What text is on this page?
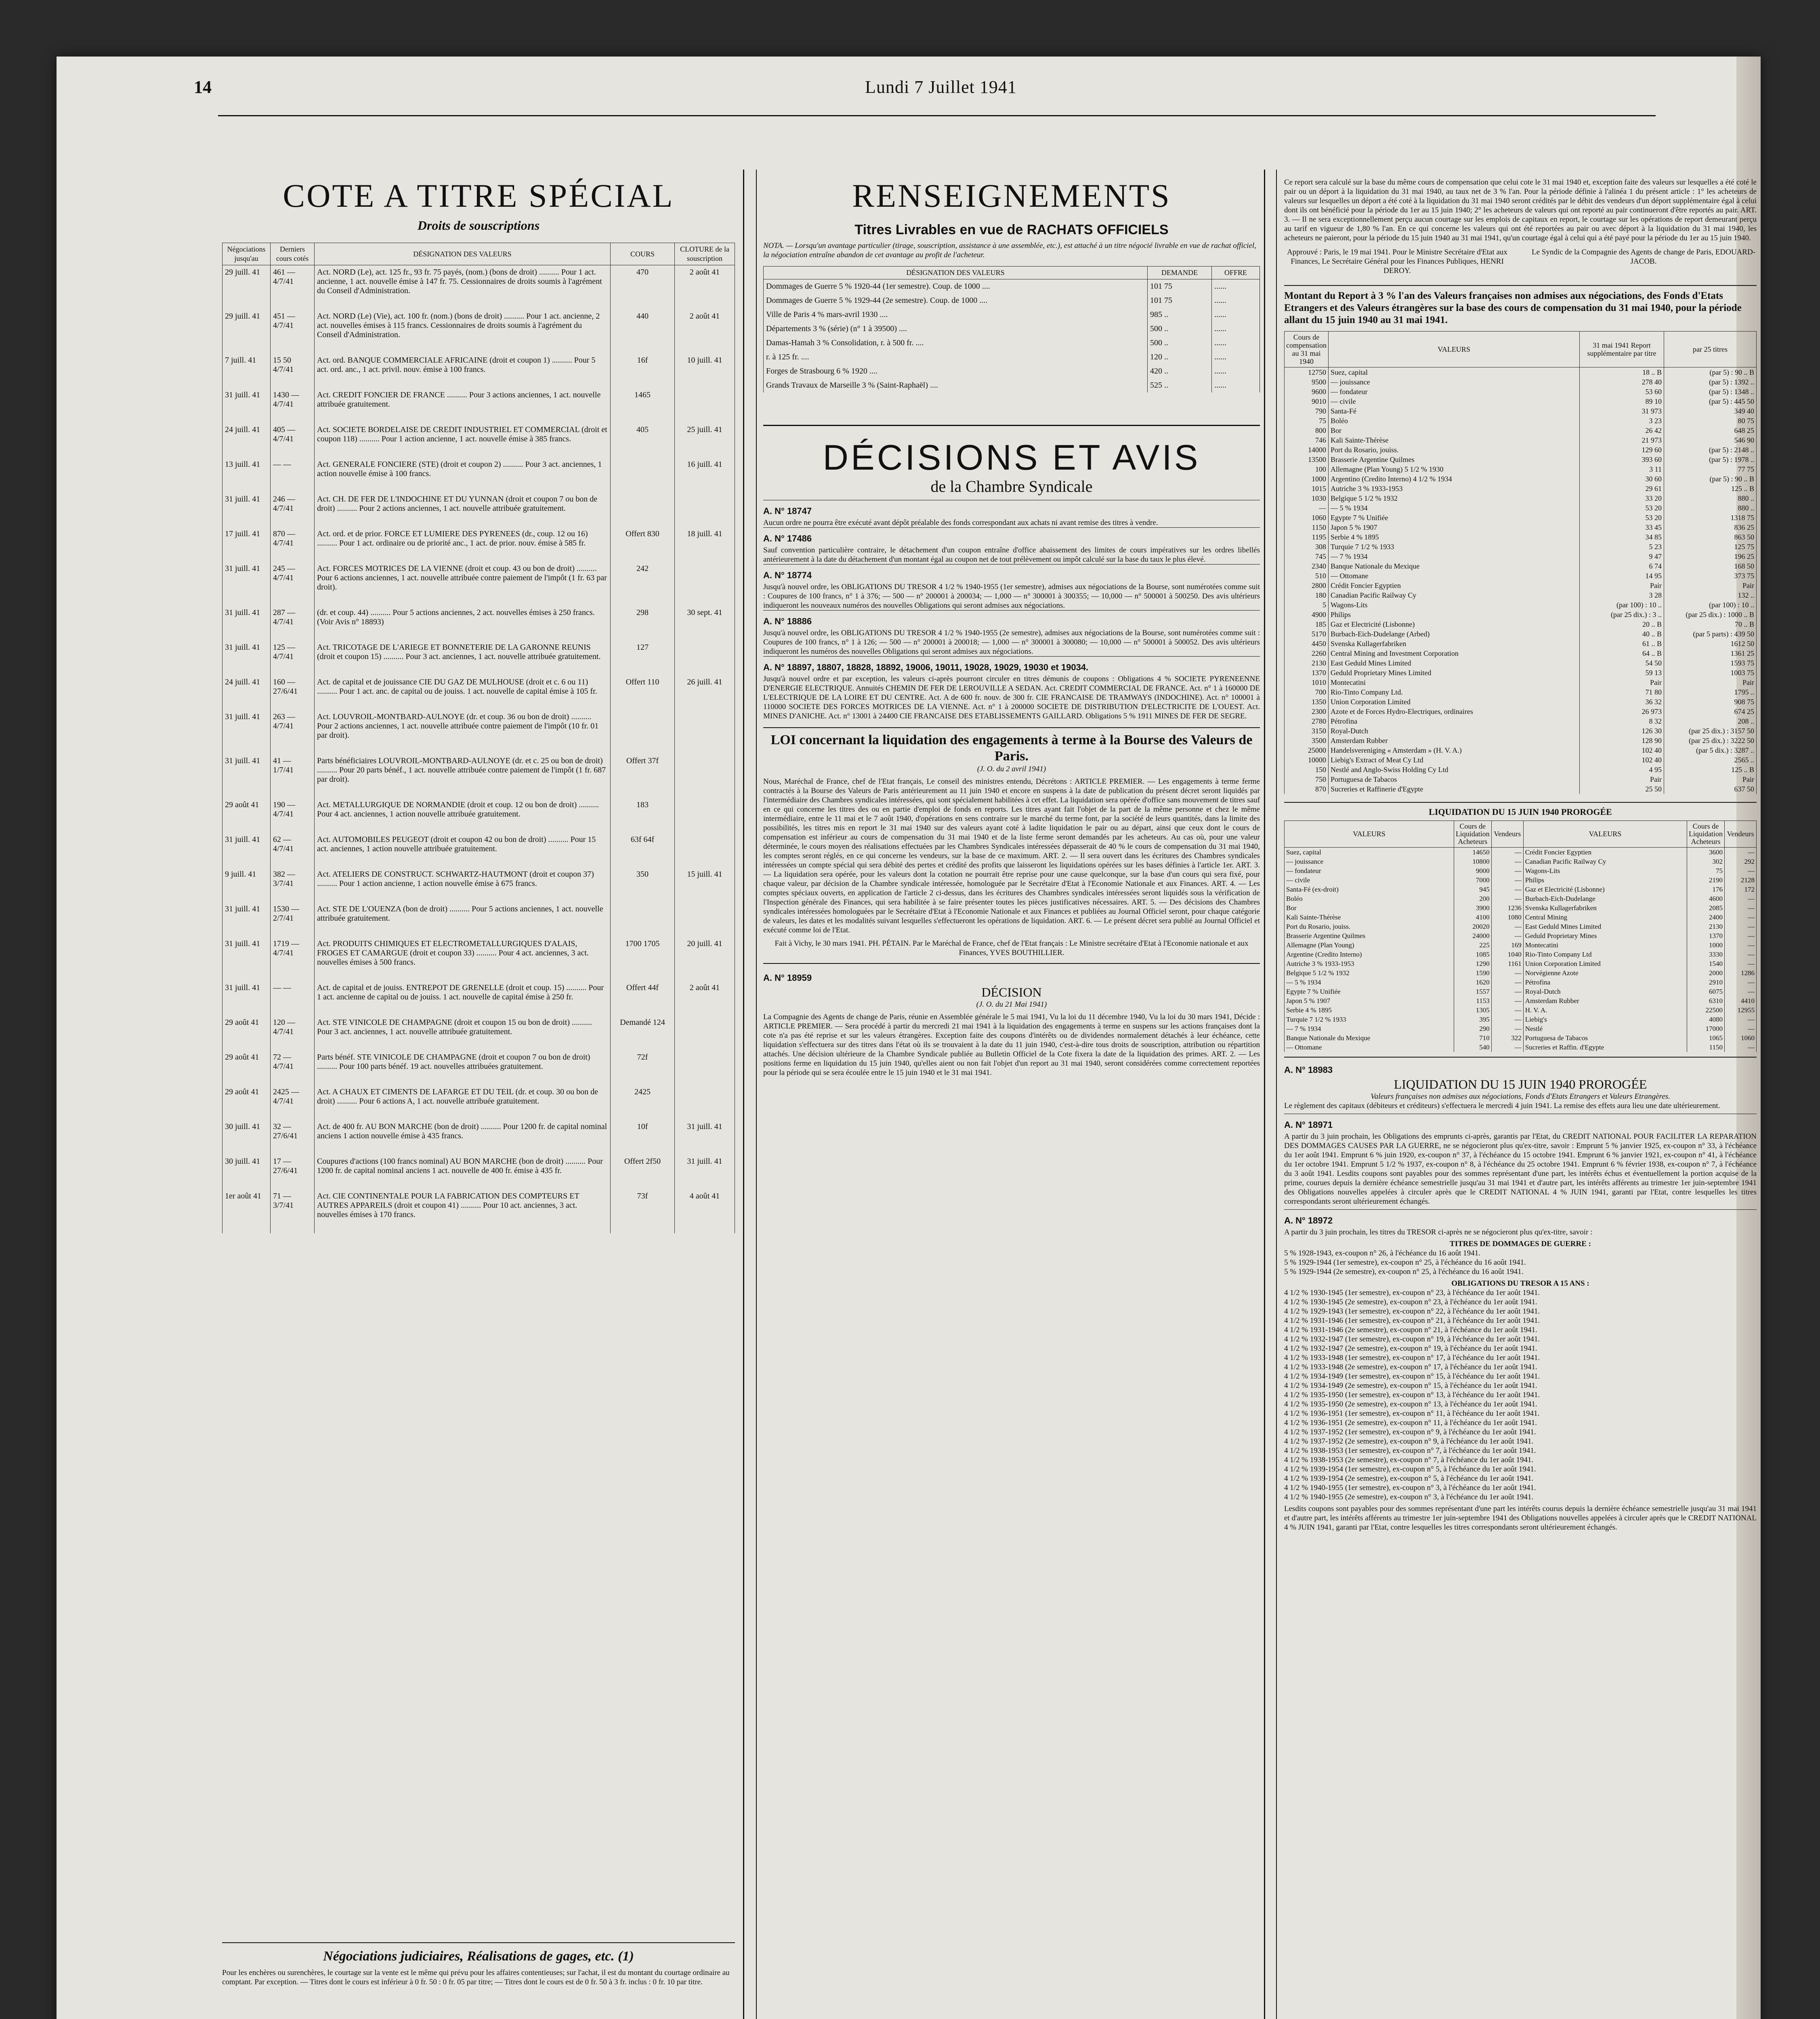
14	Lundi 7 Juillet 1941
COTE A TITRE SPÉCIAL
Droits de souscriptions
Négociations jusqu'au	Derniers cours cotés	DÉSIGNATION DES VALEURS	COURS	CLOTURE de la souscription
29 juill. 41	461 — 4/7/41	Act. NORD (Le), act. 125 fr., 93 fr. 75 payés, (nom.) (bons de droit) .......... Pour 1 act. ancienne, 1 act. nouvelle émise à 147 fr. 75. Cessionnaires de droits soumis à l'agrément du Conseil d'Administration.	470	2 août 41
29 juill. 41	451 — 4/7/41	Act. NORD (Le) (Vie), act. 100 fr. (nom.) (bons de droit) .......... Pour 1 act. ancienne, 2 act. nouvelles émises à 115 francs. Cessionnaires de droits soumis à l'agrément du Conseil d'Administration.	440	2 août 41
7 juill. 41	15 50 4/7/41	Act. ord. BANQUE COMMERCIALE AFRICAINE (droit et coupon 1) .......... Pour 5 act. ord. anc., 1 act. privil. nouv. émise à 100 francs.	16f	10 juill. 41
31 juill. 41	1430 — 4/7/41	Act. CREDIT FONCIER DE FRANCE .......... Pour 3 actions anciennes, 1 act. nouvelle attribuée gratuitement.	1465	
24 juill. 41	405 — 4/7/41	Act. SOCIETE BORDELAISE DE CREDIT INDUSTRIEL ET COMMERCIAL (droit et coupon 118) .......... Pour 1 action ancienne, 1 act. nouvelle émise à 385 francs.	405	25 juill. 41
13 juill. 41	— —	Act. GENERALE FONCIERE (STE) (droit et coupon 2) .......... Pour 3 act. anciennes, 1 action nouvelle émise à 100 francs.		16 juill. 41
31 juill. 41	246 — 4/7/41	Act. CH. DE FER DE L'INDOCHINE ET DU YUNNAN (droit et coupon 7 ou bon de droit) .......... Pour 2 actions anciennes, 1 act. nouvelle attribuée gratuitement.		
17 juill. 41	870 — 4/7/41	Act. ord. et de prior. FORCE ET LUMIERE DES PYRENEES (dr., coup. 12 ou 16) .......... Pour 1 act. ordinaire ou de priorité anc., 1 act. de prior. nouv. émise à 585 fr.	Offert 830	18 juill. 41
31 juill. 41	245 — 4/7/41	Act. FORCES MOTRICES DE LA VIENNE (droit et coup. 43 ou bon de droit) .......... Pour 6 actions anciennes, 1 act. nouvelle attribuée contre paiement de l'impôt (1 fr. 63 par droit).	242	
31 juill. 41	287 — 4/7/41	(dr. et coup. 44) .......... Pour 5 actions anciennes, 2 act. nouvelles émises à 250 francs. (Voir Avis n° 18893)	298	30 sept. 41
31 juill. 41	125 — 4/7/41	Act. TRICOTAGE DE L'ARIEGE ET BONNETERIE DE LA GARONNE REUNIS (droit et coupon 15) .......... Pour 3 act. anciennes, 1 act. nouvelle attribuée gratuitement.	127	
24 juill. 41	160 — 27/6/41	Act. de capital et de jouissance CIE DU GAZ DE MULHOUSE (droit et c. 6 ou 11) .......... Pour 1 act. anc. de capital ou de jouiss. 1 act. nouvelle de capital émise à 105 fr.	Offert 110	26 juill. 41
31 juill. 41	263 — 4/7/41	Act. LOUVROIL-MONTBARD-AULNOYE (dr. et coup. 36 ou bon de droit) .......... Pour 2 actions anciennes, 1 act. nouvelle attribuée contre paiement de l'impôt (10 fr. 01 par droit).		
31 juill. 41	41 — 1/7/41	Parts bénéficiaires LOUVROIL-MONTBARD-AULNOYE (dr. et c. 25 ou bon de droit) .......... Pour 20 parts bénéf., 1 act. nouvelle attribuée contre paiement de l'impôt (1 fr. 687 par droit).	Offert 37f	
29 août 41	190 — 4/7/41	Act. METALLURGIQUE DE NORMANDIE (droit et coup. 12 ou bon de droit) .......... Pour 4 act. anciennes, 1 action nouvelle attribuée gratuitement.	183	
31 juill. 41	62 — 4/7/41	Act. AUTOMOBILES PEUGEOT (droit et coupon 42 ou bon de droit) .......... Pour 15 act. anciennes, 1 action nouvelle attribuée gratuitement.	63f 64f	
9 juill. 41	382 — 3/7/41	Act. ATELIERS DE CONSTRUCT. SCHWARTZ-HAUTMONT (droit et coupon 37) .......... Pour 1 action ancienne, 1 action nouvelle émise à 675 francs.	350	15 juill. 41
31 juill. 41	1530 — 2/7/41	Act. STE DE L'OUENZA (bon de droit) .......... Pour 5 actions anciennes, 1 act. nouvelle attribuée gratuitement.		
31 juill. 41	1719 — 4/7/41	Act. PRODUITS CHIMIQUES ET ELECTROMETALLURGIQUES D'ALAIS, FROGES ET CAMARGUE (droit et coupon 33) .......... Pour 4 act. anciennes, 3 act. nouvelles émises à 500 francs.	1700 1705	20 juill. 41
31 juill. 41	— —	Act. de capital et de jouiss. ENTREPOT DE GRENELLE (droit et coup. 15) .......... Pour 1 act. ancienne de capital ou de jouiss. 1 act. nouvelle de capital émise à 250 fr.	Offert 44f	2 août 41
29 août 41	120 — 4/7/41	Act. STE VINICOLE DE CHAMPAGNE (droit et coupon 15 ou bon de droit) .......... Pour 3 act. anciennes, 1 act. nouvelle attribuée gratuitement.	Demandé 124	
29 août 41	72 — 4/7/41	Parts bénéf. STE VINICOLE DE CHAMPAGNE (droit et coupon 7 ou bon de droit) .......... Pour 100 parts bénéf. 19 act. nouvelles attribuées gratuitement.	72f	
29 août 41	2425 — 4/7/41	Act. A CHAUX ET CIMENTS DE LAFARGE ET DU TEIL (dr. et coup. 30 ou bon de droit) .......... Pour 6 actions A, 1 act. nouvelle attribuée gratuitement.	2425	
30 juill. 41	32 — 27/6/41	Act. de 400 fr. AU BON MARCHE (bon de droit) .......... Pour 1200 fr. de capital nominal anciens 1 action nouvelle émise à 435 francs.	10f	31 juill. 41
30 juill. 41	17 — 27/6/41	Coupures d'actions (100 francs nominal) AU BON MARCHE (bon de droit) .......... Pour 1200 fr. de capital nominal anciens 1 act. nouvelle de 400 fr. émise à 435 fr.	Offert 2f50	31 juill. 41
1er août 41	71 — 3/7/41	Act. CIE CONTINENTALE POUR LA FABRICATION DES COMPTEURS ET AUTRES APPAREILS (droit et coupon 41) .......... Pour 10 act. anciennes, 3 act. nouvelles émises à 170 francs.	73f	4 août 41

Négociations judiciaires, Réalisations de gages, etc. (1)

Pour les enchères ou surenchères, le courtage sur la vente est le même qui prévu pour les affaires contentieuses; sur l'achat, il est du montant du courtage ordinaire au comptant. Par exception. — Titres dont le cours est inférieur à 0 fr. 50 : 0 fr. 05 par titre; — Titres dont le cours est de 0 fr. 50 à 3 fr. inclus : 0 fr. 10 par titre.

RENSEIGNEMENTS

Titres Livrables en vue de RACHATS OFFICIELS

NOTA. — Lorsqu'un avantage particulier (tirage, souscription, assistance à une assemblée, etc.), est attaché à un titre négocié livrable en vue de rachat officiel, la négociation entraîne abandon de cet avantage au profit de l'acheteur.

DÉSIGNATION DES VALEURS	DEMANDE	OFFRE
Dommages de Guerre 5 % 1920-44 (1er semestre). Coup. de 1000 ....	101 75	......
Dommages de Guerre 5 % 1929-44 (2e semestre). Coup. de 1000 ....	101 75	......
Ville de Paris 4 % mars-avril 1930 ....	985 ..	......
Départements 3 % (série) (n° 1 à 39500) ....	500 ..	......
Damas-Hamah 3 % Consolidation, r. à 500 fr. ....	500 ..	......
r. à 125 fr. ....	120 ..	......
Forges de Strasbourg 6 % 1920 ....	420 ..	......
Grands Travaux de Marseille 3 % (Saint-Raphaël) ....	525 ..	......
DÉCISIONS ET AVIS

de la Chambre Syndicale

A. N° 18747

Aucun ordre ne pourra être exécuté avant dépôt préalable des fonds correspondant aux achats ni avant remise des titres à vendre.

A. N° 17486

Sauf convention particulière contraire, le détachement d'un coupon entraîne d'office abaissement des limites de cours impératives sur les ordres libellés antérieurement à la date du détachement d'un montant égal au coupon net de tout prélèvement ou impôt calculé sur la base du taux le plus élevé.

A. N° 18774

Jusqu'à nouvel ordre, les OBLIGATIONS DU TRESOR 4 1/2 % 1940-1955 (1er semestre), admises aux négociations de la Bourse, sont numérotées comme suit : Coupures de 100 francs, n° 1 à 376; — 500 — n° 200001 à 200034; — 1,000 — n° 300001 à 300355; — 10,000 — n° 500001 à 500250. Des avis ultérieurs indiqueront les nouveaux numéros des nouvelles Obligations qui seront admises aux négociations.

A. N° 18886

Jusqu'à nouvel ordre, les OBLIGATIONS DU TRESOR 4 1/2 % 1940-1955 (2e semestre), admises aux négociations de la Bourse, sont numérotées comme suit : Coupures de 100 francs, n° 1 à 126; — 500 — n° 200001 à 200018; — 1,000 — n° 300001 à 300080; — 10,000 — n° 500001 à 500052. Des avis ultérieurs indiqueront les numéros des nouvelles Obligations qui seront admises aux négociations.

A. N° 18897, 18807, 18828, 18892, 19006, 19011, 19028, 19029, 19030 et 19034.

Jusqu'à nouvel ordre et par exception, les valeurs ci-après pourront circuler en titres démunis de coupons : Obligations 4 % SOCIETE PYRENEENNE D'ENERGIE ELECTRIQUE. Annuités CHEMIN DE FER DE LEROUVILLE A SEDAN. Act. CREDIT COMMERCIAL DE FRANCE. Act. n° 1 à 160000 DE L'ELECTRIQUE DE LA LOIRE ET DU CENTRE. Act. A de 600 fr. nouv. de 300 fr. CIE FRANCAISE DE TRAMWAYS (INDOCHINE). Act. n° 100001 à 110000 SOCIETE DES FORCES MOTRICES DE LA VIENNE. Act. n° 1 à 200000 SOCIETE DE DISTRIBUTION D'ELECTRICITE DE L'OUEST. Act. MINES D'ANICHE. Act. n° 13001 à 24400 CIE FRANCAISE DES ETABLISSEMENTS GAILLARD. Obligations 5 % 1911 MINES DE FER DE SEGRE.

LOI concernant la liquidation des engagements à terme à la Bourse des Valeurs de Paris.

(J. O. du 2 avril 1941)

Nous, Maréchal de France, chef de l'Etat français, Le conseil des ministres entendu, Décrétons : ARTICLE PREMIER. — Les engagements à terme ferme contractés à la Bourse des Valeurs de Paris antérieurement au 11 juin 1940 et encore en suspens à la date de publication du présent décret seront liquidés par l'intermédiaire des Chambres syndicales intéressées, qui sont spécialement habilitées à cet effet. La liquidation sera opérée d'office sans mouvement de titres sauf en ce qui concerne les titres des ou en partie d'emploi de fonds en reports. Les titres ayant fait l'objet de la part de la même personne et chez le même intermédiaire, entre le 11 mai et le 7 août 1940, d'opérations en sens contraire sur le marché du terme font, par la société de leurs quantités, dans la limite des possibilités, les titres mis en report le 31 mai 1940 sur des valeurs ayant coté à ladite liquidation le pair ou au départ, ainsi que ceux dont le cours de compensation est inférieur au cours de compensation du 31 mai 1940 et de la liste ferme seront demandés par les acheteurs. Au cas où, pour une valeur déterminée, le cours moyen des réalisations effectuées par les Chambres Syndicales intéressées dépasserait de 40 % le cours de compensation du 31 mai 1940, les comptes seront réglés, en ce qui concerne les vendeurs, sur la base de ce maximum. ART. 2. — Il sera ouvert dans les écritures des Chambres syndicales intéressées un compte spécial qui sera débité des pertes et crédité des profits que laisseront les liquidations opérées sur les bases définies à l'article 1er. ART. 3. — La liquidation sera opérée, pour les valeurs dont la cotation ne pourrait être reprise pour une cause quelconque, sur la base d'un cours qui sera fixé, pour chaque valeur, par décision de la Chambre syndicale intéressée, homologuée par le Secrétaire d'Etat à l'Economie Nationale et aux Finances. ART. 4. — Les comptes spéciaux ouverts, en application de l'article 2 ci-dessus, dans les écritures des Chambres syndicales intéressées seront liquidés sous la vérification de l'Inspection générale des Finances, qui sera habilitée à se faire présenter toutes les pièces justificatives nécessaires. ART. 5. — Des décisions des Chambres syndicales intéressées homologuées par le Secrétaire d'Etat à l'Economie Nationale et aux Finances et publiées au Journal Officiel seront, pour chaque catégorie de valeurs, les dates et les modalités suivant lesquelles s'effectueront les opérations de liquidation. ART. 6. — Le présent décret sera publié au Journal Officiel et exécuté comme loi de l'Etat.

Fait à Vichy, le 30 mars 1941. PH. PÉTAIN. Par le Maréchal de France, chef de l'Etat français : Le Ministre secrétaire d'Etat à l'Economie nationale et aux Finances, YVES BOUTHILLIER.

A. N° 18959

DÉCISION

(J. O. du 21 Mai 1941)

La Compagnie des Agents de change de Paris, réunie en Assemblée générale le 5 mai 1941, Vu la loi du 11 décembre 1940, Vu la loi du 30 mars 1941, Décide : ARTICLE PREMIER. — Sera procédé à partir du mercredi 21 mai 1941 à la liquidation des engagements à terme en suspens sur les actions françaises dont la cote n'a pas été reprise et sur les valeurs étrangères. Exception faite des coupons d'intérêts ou de dividendes normalement détachés à leur échéance, cette liquidation s'effectuera sur des titres dans l'état où ils se trouvaient à la date du 11 juin 1940, c'est-à-dire tous droits de souscription, attribution ou répartition attachés. Une décision ultérieure de la Chambre Syndicale publiée au Bulletin Officiel de la Cote fixera la date de la liquidation des primes. ART. 2. — Les positions ferme en liquidation du 15 juin 1940, qu'elles aient ou non fait l'objet d'un report au 31 mai 1940, seront considérées comme correctement reportées pour la période qui se sera écoulée entre le 15 juin 1940 et le 31 mai 1941.

Ce report sera calculé sur la base du même cours de compensation que celui cote le 31 mai 1940 et, exception faite des valeurs sur lesquelles a été coté le pair ou un déport à la liquidation du 31 mai 1940, au taux net de 3 % l'an. Pour la période définie à l'alinéa 1 du présent article : 1° les acheteurs de valeurs sur lesquelles un déport a été coté à la liquidation du 31 mai 1940 seront crédités par le débit des vendeurs d'un déport supplémentaire égal à celui dont ils ont bénéficié pour la période du 1er au 15 juin 1940; 2° les acheteurs de valeurs qui ont reporté au pair continueront d'être reportés au pair. ART. 3. — Il ne sera exceptionnellement perçu aucun courtage sur les emplois de capitaux en report, le courtage sur les opérations de report demeurant perçu au tarif en vigueur de 1,80 % l'an. En ce qui concerne les valeurs qui ont été reportées au pair ou avec déport à la liquidation du 31 mai 1940, les acheteurs ne paieront, pour la période du 15 juin 1940 au 31 mai 1941, qu'un courtage égal à celui qui a été payé pour la période du 1er au 15 juin 1940.

Approuvé : Paris, le 19 mai 1941. Pour le Ministre Secrétaire d'Etat aux Finances, Le Secrétaire Général pour les Finances Publiques, HENRI DEROY.

Le Syndic de la Compagnie des Agents de change de Paris, EDOUARD-JACOB.

Montant du Report à 3 % l'an des Valeurs françaises non admises aux négociations, des Fonds d'Etats Etrangers et des Valeurs étrangères sur la base des cours de compensation du 31 mai 1940, pour la période allant du 15 juin 1940 au 31 mai 1941.

Cours de compensation au 31 mai 1940	VALEURS	31 mai 1941 Report supplémentaire par titre	par 25 titres
12750	Suez, capital	18 .. B	(par 5) : 90 .. B
9500	— jouissance	278 40	(par 5) : 1392 ..
9600	— fondateur	53 60	(par 5) : 1348 ..
9010	— civile	89 10	(par 5) : 445 50
790	Santa-Fé	31 973	349 40
75	Boléo	3 23	80 75
800	Bor	26 42	648 25
746	Kali Sainte-Thérèse	21 973	546 90
14000	Port du Rosario, jouiss.	129 60	(par 5) : 2148 ..
13500	Brasserie Argentine Quilmes	393 60	(par 5) : 1978 ..
100	Allemagne (Plan Young) 5 1/2 % 1930	3 11	77 75
1000	Argentino (Credito Interno) 4 1/2 % 1934	30 60	(par 5) : 90 .. B
1015	Autriche 3 % 1933-1953	29 61	125 .. B
1030	Belgique 5 1/2 % 1932	33 20	880 ..
—	— 5 % 1934	53 20	880 ..
1060	Egypte 7 % Unifiée	53 20	1318 75
1150	Japon 5 % 1907	33 45	836 25
1195	Serbie 4 % 1895	34 85	863 50
308	Turquie 7 1/2 % 1933	5 23	125 75
745	— 7 % 1934	9 47	196 25
2340	Banque Nationale du Mexique	6 74	168 50
510	— Ottomane	14 95	373 75
2800	Crédit Foncier Egyptien	Pair	Pair
180	Canadian Pacific Railway Cy	3 28	132 ..
5	Wagons-Lits	(par 100) : 10 ..	(par 100) : 10 ..
4900	Philips	(par 25 dix.) : 3 ..	(par 25 dix.) : 1000 .. B
185	Gaz et Electricité (Lisbonne)	20 .. B	70 .. B
5170	Burbach-Eich-Dudelange (Arbed)	40 .. B	(par 5 parts) : 439 50
4450	Svenska Kullagerfabriken	61 .. B	1612 50
2260	Central Mining and Investment Corporation	64 .. B	1361 25
2130	East Geduld Mines Limited	54 50	1593 75
1370	Geduld Proprietary Mines Limited	59 13	1003 75
1010	Montecatini	Pair	Pair
700	Rio-Tinto Company Ltd.	71 80	1795 ..
1350	Union Corporation Limited	36 32	908 75
2300	Azote et de Forces Hydro-Electriques, ordinaires	26 973	674 25
2780	Pétrofina	8 32	208 ..
3150	Royal-Dutch	126 30	(par 25 dix.) : 3157 50
3500	Amsterdam Rubber	128 90	(par 25 dix.) : 3222 50
25000	Handelsvereniging « Amsterdam » (H. V. A.)	102 40	(par 5 dix.) : 3287 ..
10000	Liebig's Extract of Meat Cy Ltd	102 40	2565 ..
150	Nestlé and Anglo-Swiss Holding Cy Ltd	4 95	125 .. B
750	Portuguesa de Tabacos	Pair	Pair
870	Sucreries et Raffinerie d'Egypte	25 50	637 50

LIQUIDATION DU 15 JUIN 1940 PROROGÉE

VALEURS	Cours de Liquidation Acheteurs	Vendeurs	VALEURS	Cours de Liquidation Acheteurs	Vendeurs
Suez, capital	14650	—	Crédit Foncier Egyptien	3600	—
— jouissance	10800	—	Canadian Pacific Railway Cy	302	292
— fondateur	9000	—	Wagons-Lits	75	—
— civile	7000	—	Philips	2190	2128
Santa-Fé (ex-droit)	945	—	Gaz et Electricité (Lisbonne)	176	172
Boléo	200	—	Burbach-Eich-Dudelange	4600	—
Bor	3900	1236	Svenska Kullagerfabriken	2085	—
Kali Sainte-Thérèse	4100	1080	Central Mining	2400	—
Port du Rosario, jouiss.	20020	—	East Geduld Mines Limited	2130	—
Brasserie Argentine Quilmes	24000	—	Geduld Proprietary Mines	1370	—
Allemagne (Plan Young)	225	169	Montecatini	1000	—
Argentine (Credito Interno)	1085	1040	Rio-Tinto Company Ltd	3330	—
Autriche 3 % 1933-1953	1290	1161	Union Corporation Limited	1540	—
Belgique 5 1/2 % 1932	1590	—	Norvégienne Azote	2000	1286
— 5 % 1934	1620	—	Pétrofina	2910	—
Egypte 7 % Unifiée	1557	—	Royal-Dutch	6075	—
Japon 5 % 1907	1153	—	Amsterdam Rubber	6310	4410
Serbie 4 % 1895	1305	—	H. V. A.	22500	12955
Turquie 7 1/2 % 1933	395	—	Liebig's	4080	—
— 7 % 1934	290	—	Nestlé	17000	—
Banque Nationale du Mexique	710	322	Portuguesa de Tabacos	1065	1060
— Ottomane	540	—	Sucreries et Raffin. d'Egypte	1150	—

A. N° 18983

LIQUIDATION DU 15 JUIN 1940 PROROGÉE

Valeurs françaises non admises aux négociations, Fonds d'Etats Etrangers et Valeurs Etrangères.

Le règlement des capitaux (débiteurs et créditeurs) s'effectuera le mercredi 4 juin 1941. La remise des effets aura lieu une date ultérieurement.

A. N° 18971

A partir du 3 juin prochain, les Obligations des emprunts ci-après, garantis par l'Etat, du CREDIT NATIONAL POUR FACILITER LA REPARATION DES DOMMAGES CAUSES PAR LA GUERRE, ne se négocieront plus qu'ex-titre, savoir : Emprunt 5 % janvier 1925, ex-coupon n° 33, à l'échéance du 1er août 1941. Emprunt 6 % juin 1920, ex-coupon n° 37, à l'échéance du 15 octobre 1941. Emprunt 6 % janvier 1921, ex-coupon n° 41, à l'échéance du 1er octobre 1941. Emprunt 5 1/2 % 1937, ex-coupon n° 8, à l'échéance du 25 octobre 1941. Emprunt 6 % février 1938, ex-coupon n° 7, à l'échéance du 3 août 1941. Lesdits coupons sont payables pour des sommes représentant d'une part, les intérêts échus et éventuellement la portion acquise de la prime, courues depuis la dernière échéance semestrielle jusqu'au 31 mai 1941 et d'autre part, les intérêts afférents au trimestre 1er juin-septembre 1941 des Obligations nouvelles appelées à circuler après que le CREDIT NATIONAL 4 % JUIN 1941, garanti par l'Etat, contre lesquelles les titres correspondants seront ultérieurement échangés.

A. N° 18972

A partir du 3 juin prochain, les titres du TRESOR ci-après ne se négocieront plus qu'ex-titre, savoir :

TITRES DE DOMMAGES DE GUERRE :

5 % 1928-1943, ex-coupon n° 26, à l'échéance du 16 août 1941.

5 % 1929-1944 (1er semestre), ex-coupon n° 25, à l'échéance du 16 août 1941.

5 % 1929-1944 (2e semestre), ex-coupon n° 25, à l'échéance du 16 août 1941.

OBLIGATIONS DU TRESOR A 15 ANS :

4 1/2 % 1930-1945 (1er semestre), ex-coupon n° 23, à l'échéance du 1er août 1941.

4 1/2 % 1930-1945 (2e semestre), ex-coupon n° 23, à l'échéance du 1er août 1941.

4 1/2 % 1929-1943 (1er semestre), ex-coupon n° 22, à l'échéance du 1er août 1941.

4 1/2 % 1931-1946 (1er semestre), ex-coupon n° 21, à l'échéance du 1er août 1941.

4 1/2 % 1931-1946 (2e semestre), ex-coupon n° 21, à l'échéance du 1er août 1941.

4 1/2 % 1932-1947 (1er semestre), ex-coupon n° 19, à l'échéance du 1er août 1941.

4 1/2 % 1932-1947 (2e semestre), ex-coupon n° 19, à l'échéance du 1er août 1941.

4 1/2 % 1933-1948 (1er semestre), ex-coupon n° 17, à l'échéance du 1er août 1941.

4 1/2 % 1933-1948 (2e semestre), ex-coupon n° 17, à l'échéance du 1er août 1941.

4 1/2 % 1934-1949 (1er semestre), ex-coupon n° 15, à l'échéance du 1er août 1941.

4 1/2 % 1934-1949 (2e semestre), ex-coupon n° 15, à l'échéance du 1er août 1941.

4 1/2 % 1935-1950 (1er semestre), ex-coupon n° 13, à l'échéance du 1er août 1941.

4 1/2 % 1935-1950 (2e semestre), ex-coupon n° 13, à l'échéance du 1er août 1941.

4 1/2 % 1936-1951 (1er semestre), ex-coupon n° 11, à l'échéance du 1er août 1941.

4 1/2 % 1936-1951 (2e semestre), ex-coupon n° 11, à l'échéance du 1er août 1941.

4 1/2 % 1937-1952 (1er semestre), ex-coupon n° 9, à l'échéance du 1er août 1941.

4 1/2 % 1937-1952 (2e semestre), ex-coupon n° 9, à l'échéance du 1er août 1941.

4 1/2 % 1938-1953 (1er semestre), ex-coupon n° 7, à l'échéance du 1er août 1941.

4 1/2 % 1938-1953 (2e semestre), ex-coupon n° 7, à l'échéance du 1er août 1941.

4 1/2 % 1939-1954 (1er semestre), ex-coupon n° 5, à l'échéance du 1er août 1941.

4 1/2 % 1939-1954 (2e semestre), ex-coupon n° 5, à l'échéance du 1er août 1941.

4 1/2 % 1940-1955 (1er semestre), ex-coupon n° 3, à l'échéance du 1er août 1941.

4 1/2 % 1940-1955 (2e semestre), ex-coupon n° 3, à l'échéance du 1er août 1941.

Lesdits coupons sont payables pour des sommes représentant d'une part les intérêts courus depuis la dernière échéance semestrielle jusqu'au 31 mai 1941 et d'autre part, les intérêts afférents au trimestre 1er juin-septembre 1941 des Obligations nouvelles appelées à circuler après que le CREDIT NATIONAL 4 % JUIN 1941, garanti par l'Etat, contre lesquelles les titres correspondants seront ultérieurement échangés.
